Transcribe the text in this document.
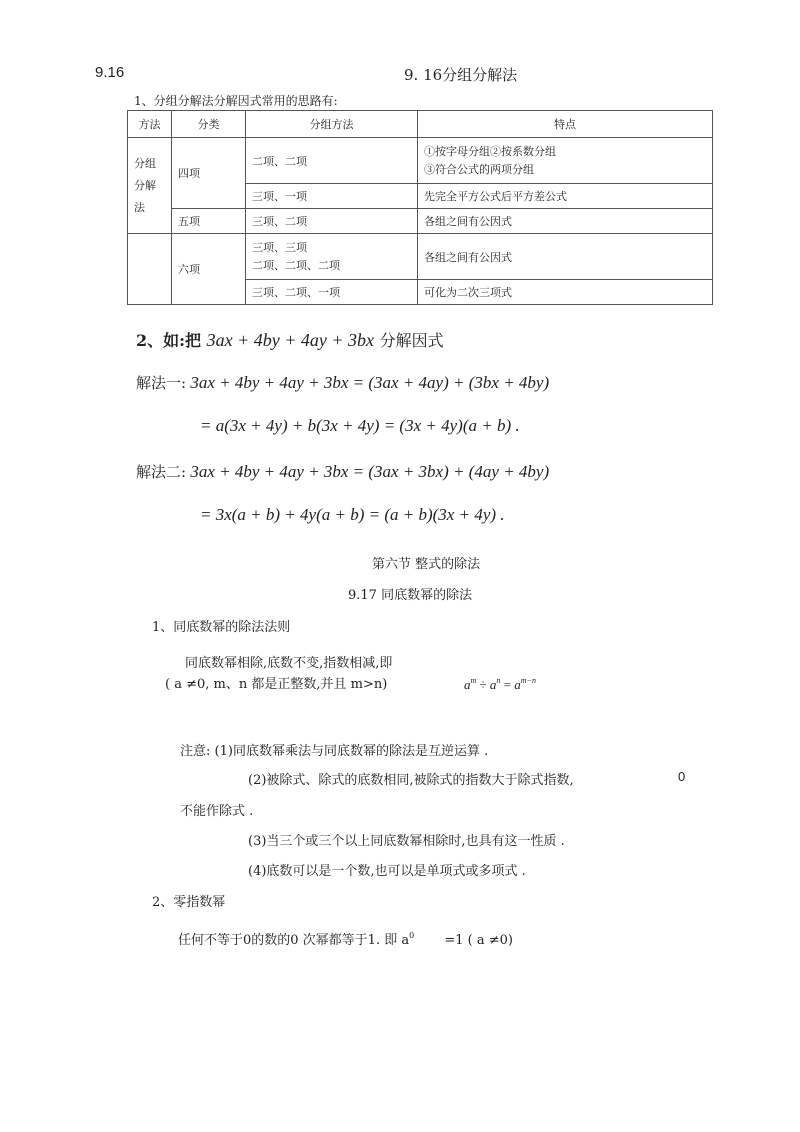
9.16	9. 16分组分解法
1、分组分解法分解因式常用的思路有:
方法	分类	分组方法	特点
分组分解法	四项	二项、二项	①按字母分组②按系数分组
③符合公式的两项分组

		三项、一项	先完全平方公式后平方差公式
	五项	三项、二项	各组之间有公因式
	六项	三项、三项
二项、二项、二项	各组之间有公因式
		三项、二项、一项	可化为二次三项式
2、如:把 3ax + 4by + 4ay + 3bx 分解因式
解法一: 3ax + 4by + 4ay + 3bx = (3ax + 4ay) + (3bx + 4by)
= a(3x + 4y) + b(3x + 4y) = (3x + 4y)(a + b) .
解法二: 3ax + 4by + 4ay + 3bx = (3ax + 3bx) + (4ay + 4by)
= 3x(a + b) + 4y(a + b) = (a + b)(3x + 4y) .
第六节 整式的除法
9.17 同底数幂的除法
1、同底数幂的除法法则
同底数幂相除,底数不变,指数相减,即
( a ≠0, m、n 都是正整数,并且 m>n)	$a^m \div a^n = a^{m-n}$
注意: (1)同底数幂乘法与同底数幂的除法是互逆运算 .
(2)被除式、除式的底数相同,被除式的指数大于除式指数,	0
不能作除式 .
(3)当三个或三个以上同底数幂相除时,也具有这一性质 .
(4)底数可以是一个数,也可以是单项式或多项式 .
2、零指数幂
任何不等于0的数的0 次幂都等于1. 即 $a^0 =1$ ( a ≠0)
